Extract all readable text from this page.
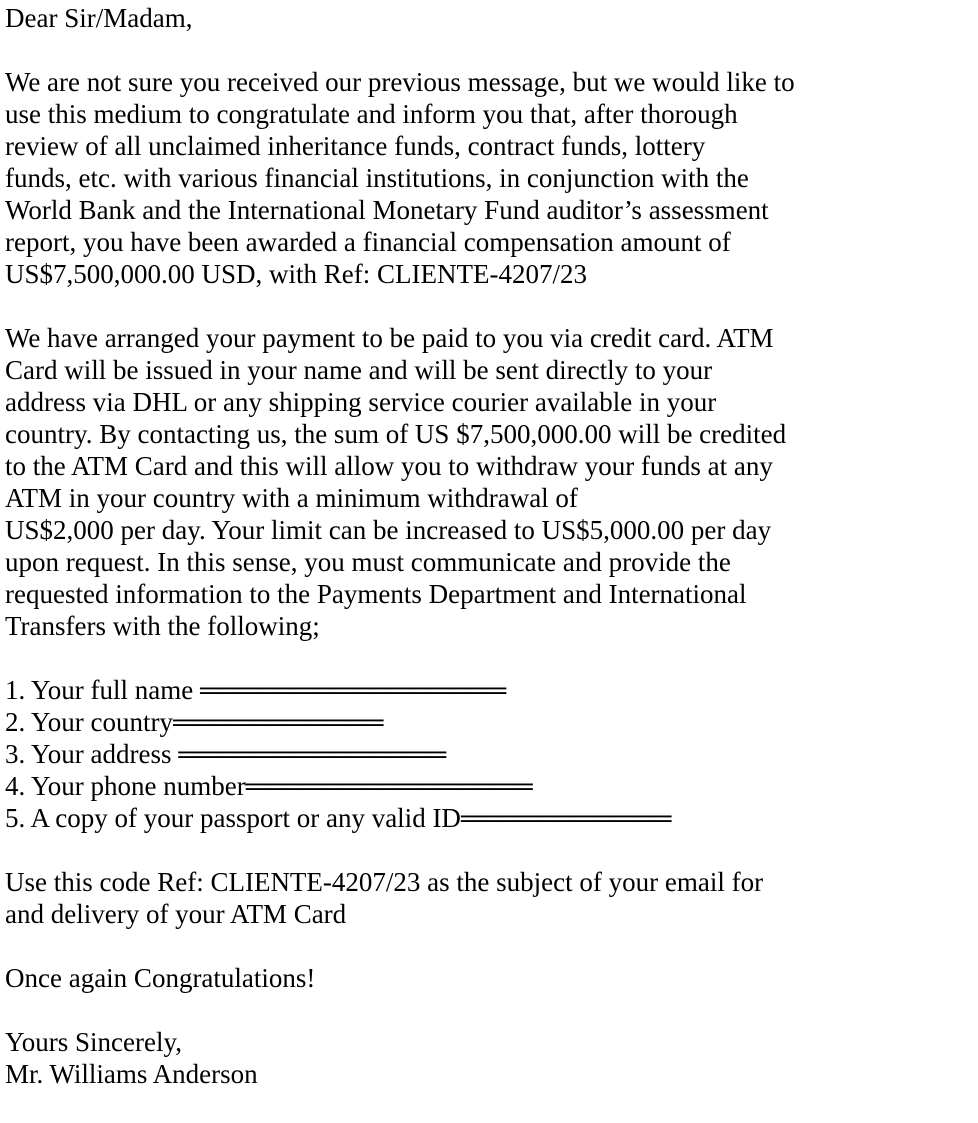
Dear Sir/Madam,

We are not sure you received our previous message, but we would like to
use this medium to congratulate and inform you that, after thorough
review of all unclaimed inheritance funds, contract funds, lottery
funds, etc. with various financial institutions, in conjunction with the
World Bank and the International Monetary Fund auditor’s assessment
report, you have been awarded a financial compensation amount of
US$7,500,000.00 USD, with Ref: CLIENTE-4207/23

We have arranged your payment to be paid to you via credit card. ATM
Card will be issued in your name and will be sent directly to your
address via DHL or any shipping service courier available in your
country. By contacting us, the sum of US $7,500,000.00 will be credited
to the ATM Card and this will allow you to withdraw your funds at any
ATM in your country with a minimum withdrawal of
US$2,000 per day. Your limit can be increased to US$5,000.00 per day
upon request. In this sense, you must communicate and provide the
requested information to the Payments Department and International
Transfers with the following;

1. Your full name ════════════════
2. Your country═══════════
3. Your address ══════════════
4. Your phone number═══════════════
5. A copy of your passport or any valid ID═══════════

Use this code Ref: CLIENTE-4207/23 as the subject of your email for
and delivery of your ATM Card

Once again Congratulations!

Yours Sincerely,

Mr. Williams Anderson
